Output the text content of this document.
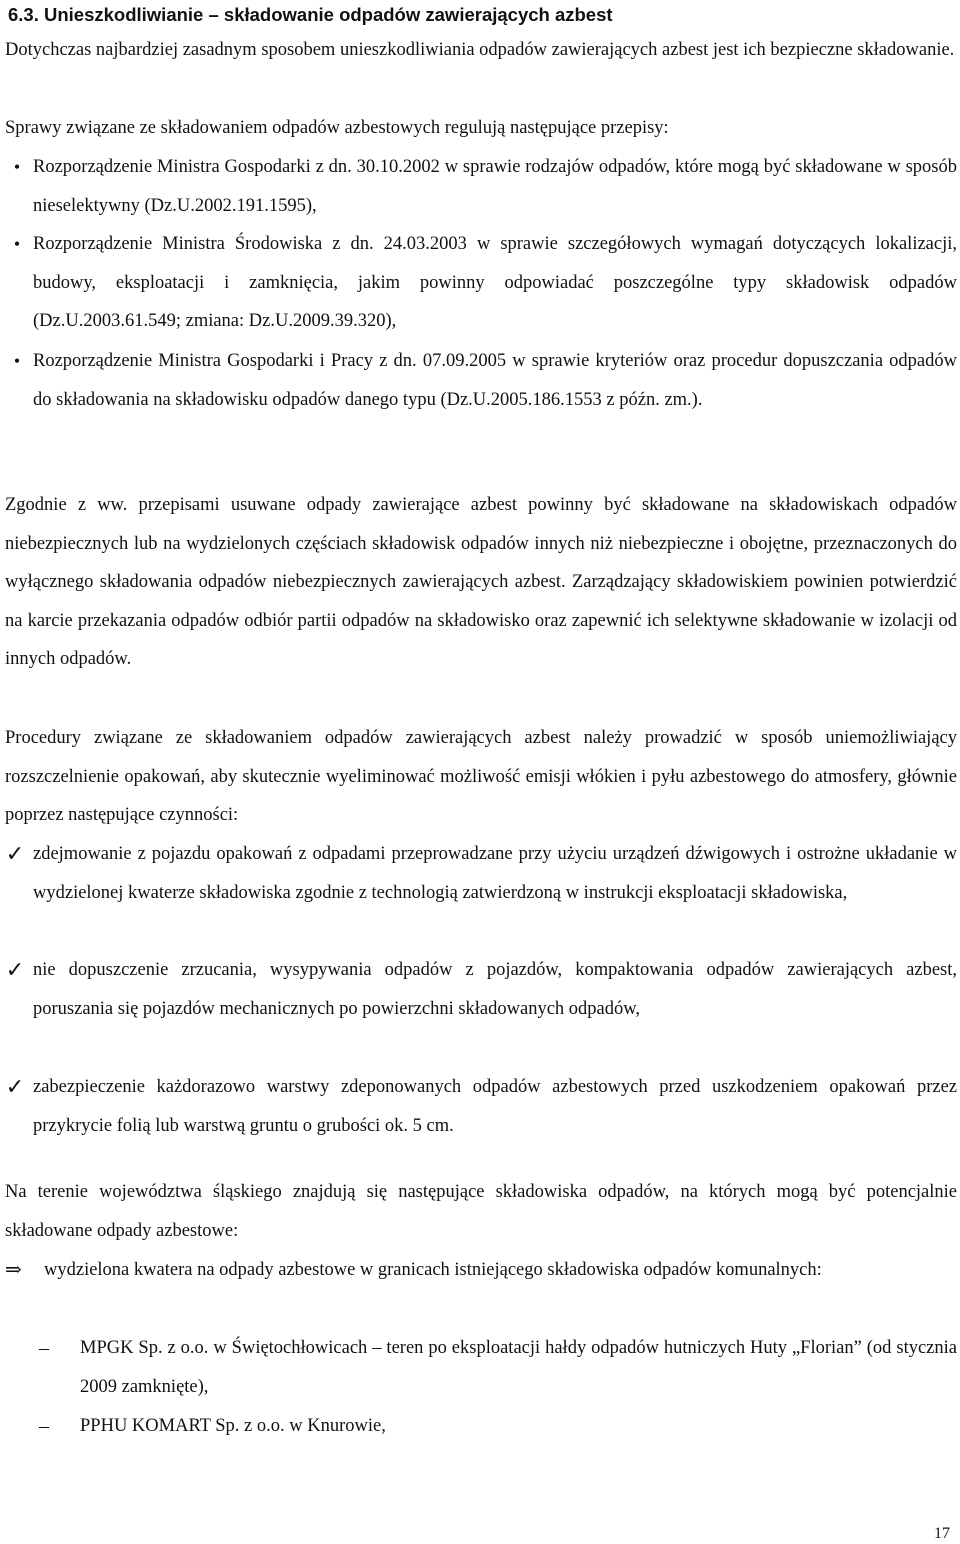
6.3. Unieszkodliwianie – składowanie odpadów zawierających azbest
Dotychczas najbardziej zasadnym sposobem unieszkodliwiania odpadów zawierających azbest jest ich bezpieczne składowanie.
Sprawy związane ze składowaniem odpadów azbestowych regulują następujące przepisy:
• Rozporządzenie Ministra Gospodarki z dn. 30.10.2002 w sprawie rodzajów odpadów, które mogą być składowane w sposób nieselektywny (Dz.U.2002.191.1595),
• Rozporządzenie Ministra Środowiska z dn. 24.03.2003 w sprawie szczegółowych wymagań dotyczących lokalizacji, budowy, eksploatacji i zamknięcia, jakim powinny odpowiadać poszczególne typy składowisk odpadów (Dz.U.2003.61.549; zmiana: Dz.U.2009.39.320),
• Rozporządzenie Ministra Gospodarki i Pracy z dn. 07.09.2005 w sprawie kryteriów oraz procedur dopuszczania odpadów do składowania na składowisku odpadów danego typu (Dz.U.2005.186.1553 z późn. zm.).
Zgodnie z ww. przepisami usuwane odpady zawierające azbest powinny być składowane na składowiskach odpadów niebezpiecznych lub na wydzielonych częściach składowisk odpadów innych niż niebezpieczne i obojętne, przeznaczonych do wyłącznego składowania odpadów niebezpiecznych zawierających azbest. Zarządzający składowiskiem powinien potwierdzić na karcie przekazania odpadów odbiór partii odpadów na składowisko oraz zapewnić ich selektywne składowanie w izolacji od innych odpadów.
Procedury związane ze składowaniem odpadów zawierających azbest należy prowadzić w sposób uniemożliwiający rozszczelnienie opakowań, aby skutecznie wyeliminować możliwość emisji włókien i pyłu azbestowego do atmosfery, głównie poprzez następujące czynności:
✓ zdejmowanie z pojazdu opakowań z odpadami przeprowadzane przy użyciu urządzeń dźwigowych i ostrożne układanie w wydzielonej kwaterze składowiska zgodnie z technologią zatwierdzoną w instrukcji eksploatacji składowiska,
✓ nie dopuszczenie zrzucania, wysypywania odpadów z pojazdów, kompaktowania odpadów zawierających azbest, poruszania się pojazdów mechanicznych po powierzchni składowanych odpadów,
✓ zabezpieczenie każdorazowo warstwy zdeponowanych odpadów azbestowych przed uszkodzeniem opakowań przez przykrycie folią lub warstwą gruntu o grubości ok. 5 cm.
Na terenie województwa śląskiego znajdują się następujące składowiska odpadów, na których mogą być potencjalnie składowane odpady azbestowe:
⇒	wydzielona kwatera na odpady azbestowe w granicach istniejącego składowiska odpadów komunalnych:
–	MPGK Sp. z o.o. w Świętochłowicach – teren po eksploatacji hałdy odpadów hutniczych Huty „Florian” (od stycznia 2009 zamknięte),
–	PPHU KOMART Sp. z o.o. w Knurowie,
17
